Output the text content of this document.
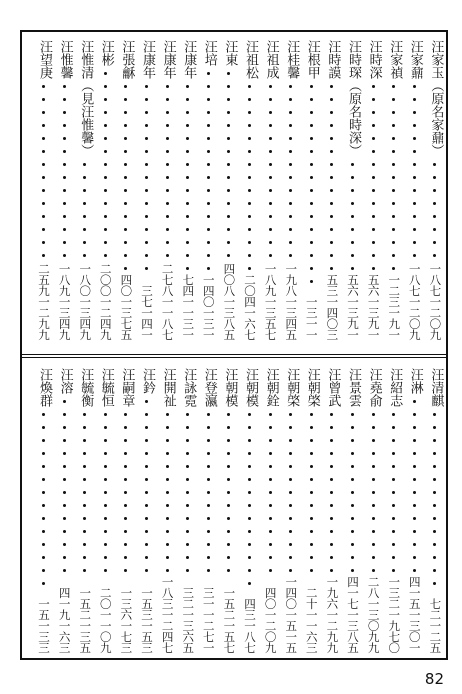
汪家玉（原名家鼐）
一八七一二〇九
汪家鼐
一八七一二〇九
汪家禎
一二三一九一
汪時深
五六一三九一
汪時琛（原名時深）
五六一三九一
汪時謨
五三一四〇三
汪根甲
一三一一
汪桂馨
一九八一三四五
汪祖成
一八九一三五七
汪祖松
二〇四一六七
汪東
四〇八一三八五
汪培
一四〇一三一
汪康年
七四一一三一
汪康年
二七八一一八七
汪康年
三七一四一
汪張龢
四〇一三七五
汪彬
二〇〇一二四九
汪惟清（見汪惟馨）
一八〇一三四九
汪惟馨
一八九一三四九
汪望庚
二五九一二九九
汪清麒
七二一二五
汪淋
四一五一三〇一
汪紹志
一三二一九七〇
汪堯俞
二八一三〇九九
汪景雲
四一七一三八五
汪曾武
一九六一二九九
汪朝棨
二十一一六三
汪朝棨
一四〇一五一五
汪朝銓
四〇一二〇九
汪朝模
四三一八七
汪朝模
一五二一五七
汪登瀛
三一一二七一
汪詠霓
三二一三六五
汪開祉
一八三一二四七
汪鈐
一五三一五三
汪嗣章
一三六一七三
汪毓恒
二〇一一〇九
汪毓衡
一五二一三五
汪溶
四一九一六三
汪煥群
一五一三三
82
